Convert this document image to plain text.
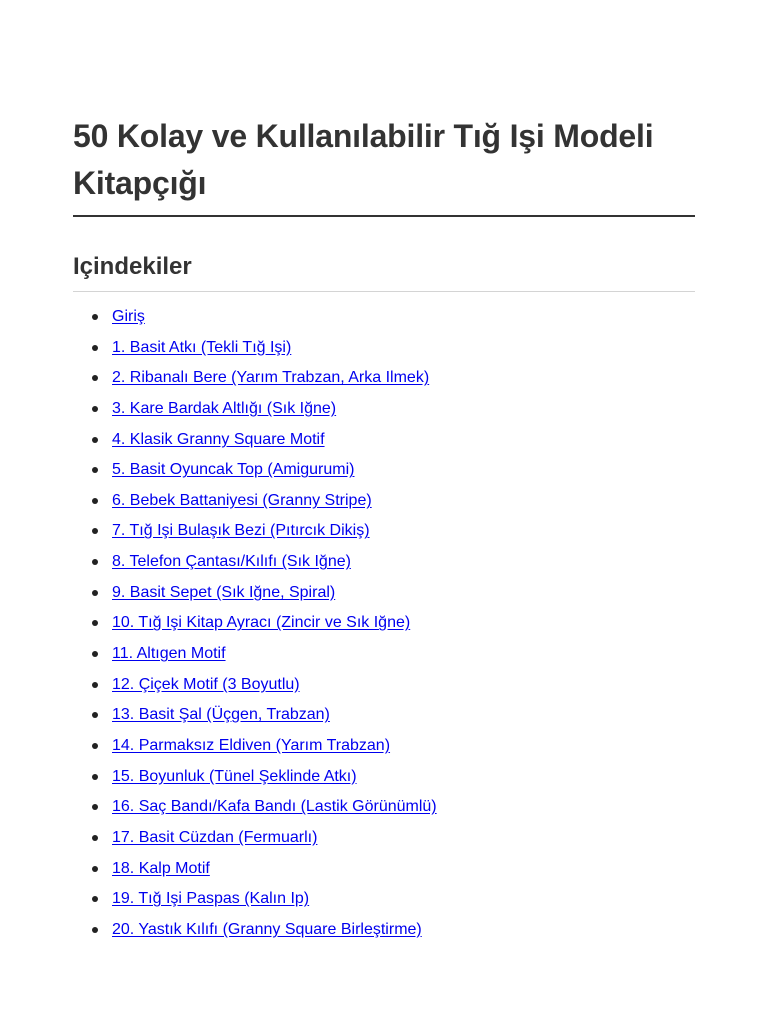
50 Kolay ve Kullanılabilir Tığ Işi Modeli Kitapçığı
Içindekiler
Giriş
1. Basit Atkı (Tekli Tığ Işi)
2. Ribanalı Bere (Yarım Trabzan, Arka Ilmek)
3. Kare Bardak Altlığı (Sık Iğne)
4. Klasik Granny Square Motif
5. Basit Oyuncak Top (Amigurumi)
6. Bebek Battaniyesi (Granny Stripe)
7. Tığ Işi Bulaşık Bezi (Pıtırcık Dikiş)
8. Telefon Çantası/Kılıfı (Sık Iğne)
9. Basit Sepet (Sık Iğne, Spiral)
10. Tığ Işi Kitap Ayracı (Zincir ve Sık Iğne)
11. Altıgen Motif
12. Çiçek Motif (3 Boyutlu)
13. Basit Şal (Üçgen, Trabzan)
14. Parmaksız Eldiven (Yarım Trabzan)
15. Boyunluk (Tünel Şeklinde Atkı)
16. Saç Bandı/Kafa Bandı (Lastik Görünümlü)
17. Basit Cüzdan (Fermuarlı)
18. Kalp Motif
19. Tığ Işi Paspas (Kalın Ip)
20. Yastık Kılıfı (Granny Square Birleştirme)
